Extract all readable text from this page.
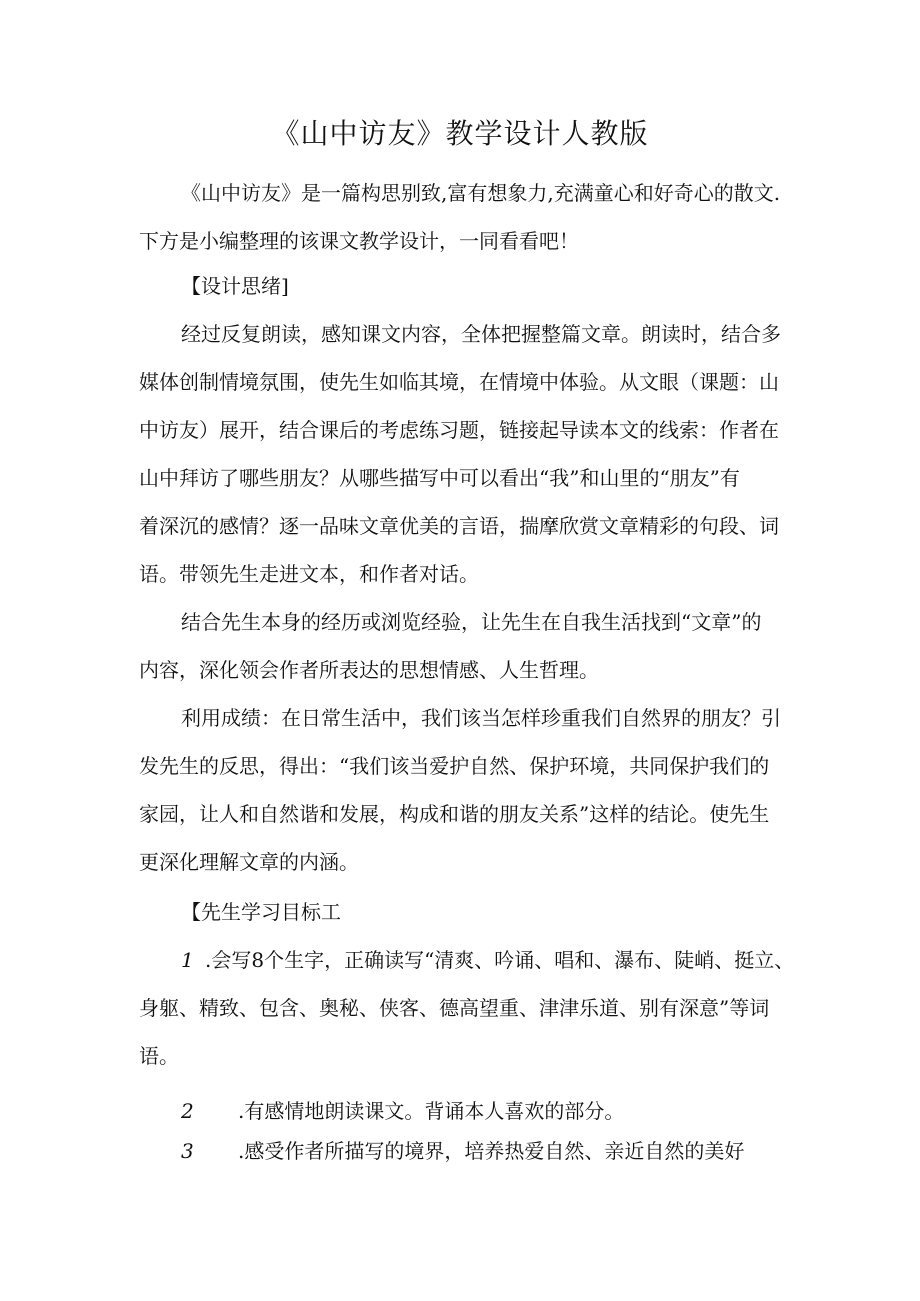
《山中访友》教学设计人教版
《山中访友》是一篇构思别致,富有想象力,充满童心和好奇心的散文.
下方是小编整理的该课文教学设计，一同看看吧！
【设计思绪]
经过反复朗读，感知课文内容，全体把握整篇文章。朗读时，结合多
媒体创制情境氛围，使先生如临其境，在情境中体验。从文眼（课题：山
中访友）展开，结合课后的考虑练习题，链接起导读本文的线索：作者在
山中拜访了哪些朋友？从哪些描写中可以看出“我”和山里的“朋友”有
着深沉的感情？逐一品味文章优美的言语，揣摩欣赏文章精彩的句段、词
语。带领先生走进文本，和作者对话。
结合先生本身的经历或浏览经验，让先生在自我生活找到“文章”的
内容，深化领会作者所表达的思想情感、人生哲理。
利用成绩：在日常生活中，我们该当怎样珍重我们自然界的朋友？引
发先生的反思，得出：“我们该当爱护自然、保护环境，共同保护我们的
家园，让人和自然谐和发展，构成和谐的朋友关系”这样的结论。使先生
更深化理解文章的内涵。
【先生学习目标工
1 .会写8个生字，正确读写“清爽、吟诵、唱和、瀑布、陡峭、挺立、
身躯、精致、包含、奥秘、侠客、德高望重、津津乐道、别有深意”等词
语。
2 .有感情地朗读课文。背诵本人喜欢的部分。
3 .感受作者所描写的境界，培养热爱自然、亲近自然的美好
